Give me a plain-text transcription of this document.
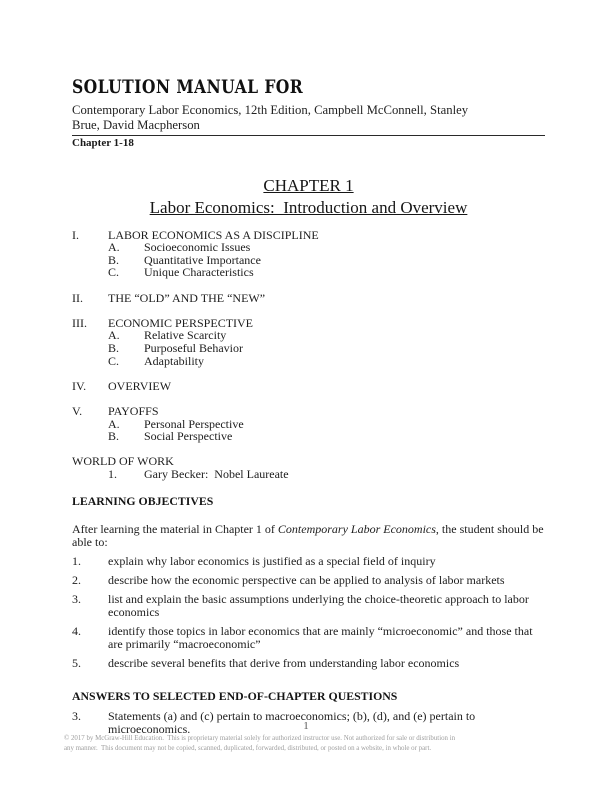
SOLUTION MANUAL FOR
Contemporary Labor Economics, 12th Edition, Campbell McConnell, Stanley
Brue, David Macpherson
Chapter 1-18
CHAPTER 1
Labor Economics:  Introduction and Overview
I. LABOR ECONOMICS AS A DISCIPLINE
A. Socioeconomic Issues
B. Quantitative Importance
C. Unique Characteristics
II. THE “OLD” AND THE “NEW”
III. ECONOMIC PERSPECTIVE
A. Relative Scarcity
B. Purposeful Behavior
C. Adaptability
IV. OVERVIEW
V. PAYOFFS
A. Personal Perspective
B. Social Perspective
WORLD OF WORK
1. Gary Becker:  Nobel Laureate
LEARNING OBJECTIVES
After learning the material in Chapter 1 of Contemporary Labor Economics, the student should be able to:
1. explain why labor economics is justified as a special field of inquiry
2. describe how the economic perspective can be applied to analysis of labor markets
3. list and explain the basic assumptions underlying the choice-theoretic approach to labor economics
4. identify those topics in labor economics that are mainly “microeconomic” and those that are primarily “macroeconomic”
5. describe several benefits that derive from understanding labor economics
ANSWERS TO SELECTED END-OF-CHAPTER QUESTIONS
3. Statements (a) and (c) pertain to macroeconomics; (b), (d), and (e) pertain to microeconomics.	1
© 2017 by McGraw-Hill Education.  This is proprietary material solely for authorized instructor use. Not authorized for sale or distribution in
any manner.  This document may not be copied, scanned, duplicated, forwarded, distributed, or posted on a website, in whole or part.
